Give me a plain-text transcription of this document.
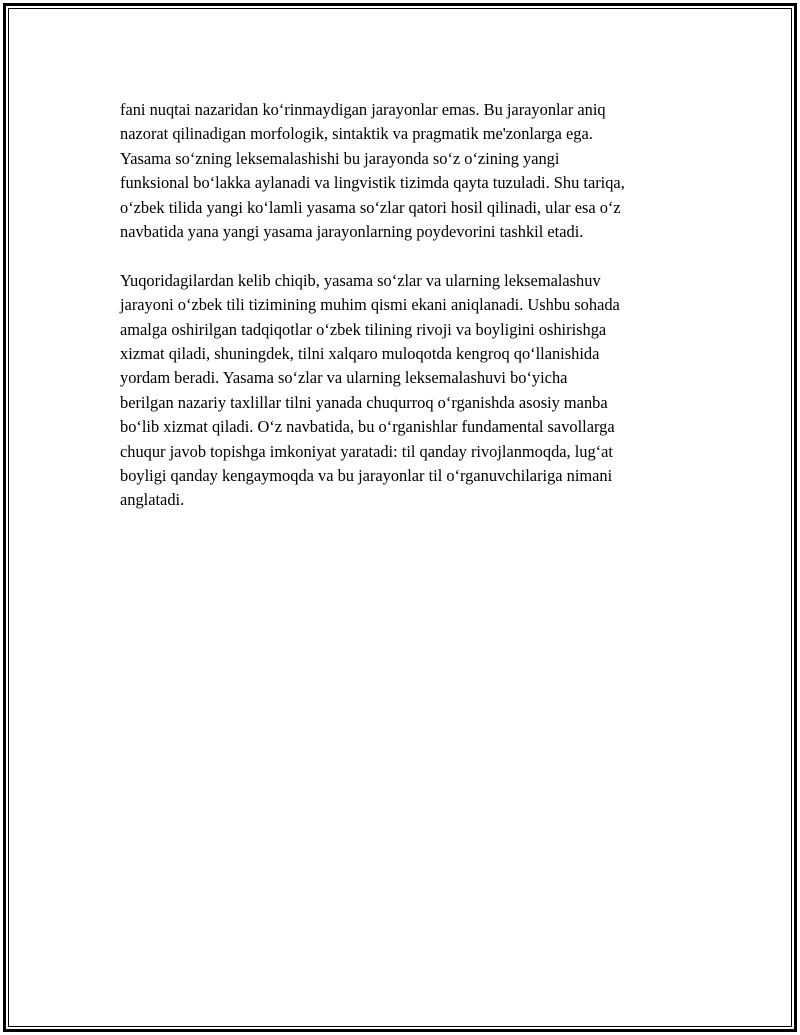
fani nuqtai nazaridan ko‘rinmaydigan jarayonlar emas. Bu jarayonlar aniq
nazorat qilinadigan morfologik, sintaktik va pragmatik me'zonlarga ega.
Yasama so‘zning leksemalashishi bu jarayonda so‘z o‘zining yangi
funksional bo‘lakka aylanadi va lingvistik tizimda qayta tuzuladi. Shu tariqa,
o‘zbek tilida yangi ko‘lamli yasama so‘zlar qatori hosil qilinadi, ular esa o‘z
navbatida yana yangi yasama jarayonlarning poydevorini tashkil etadi.

Yuqoridagilardan kelib chiqib, yasama so‘zlar va ularning leksemalashuv
jarayoni o‘zbek tili tizimining muhim qismi ekani aniqlanadi. Ushbu sohada
amalga oshirilgan tadqiqotlar o‘zbek tilining rivoji va boyligini oshirishga
xizmat qiladi, shuningdek, tilni xalqaro muloqotda kengroq qo‘llanishida
yordam beradi. Yasama so‘zlar va ularning leksemalashuvi bo‘yicha
berilgan nazariy taxlillar tilni yanada chuqurroq o‘rganishda asosiy manba
bo‘lib xizmat qiladi. O‘z navbatida, bu o‘rganishlar fundamental savollarga
chuqur javob topishga imkoniyat yaratadi: til qanday rivojlanmoqda, lug‘at
boyligi qanday kengaymoqda va bu jarayonlar til o‘rganuvchilariga nimani
anglatadi.
